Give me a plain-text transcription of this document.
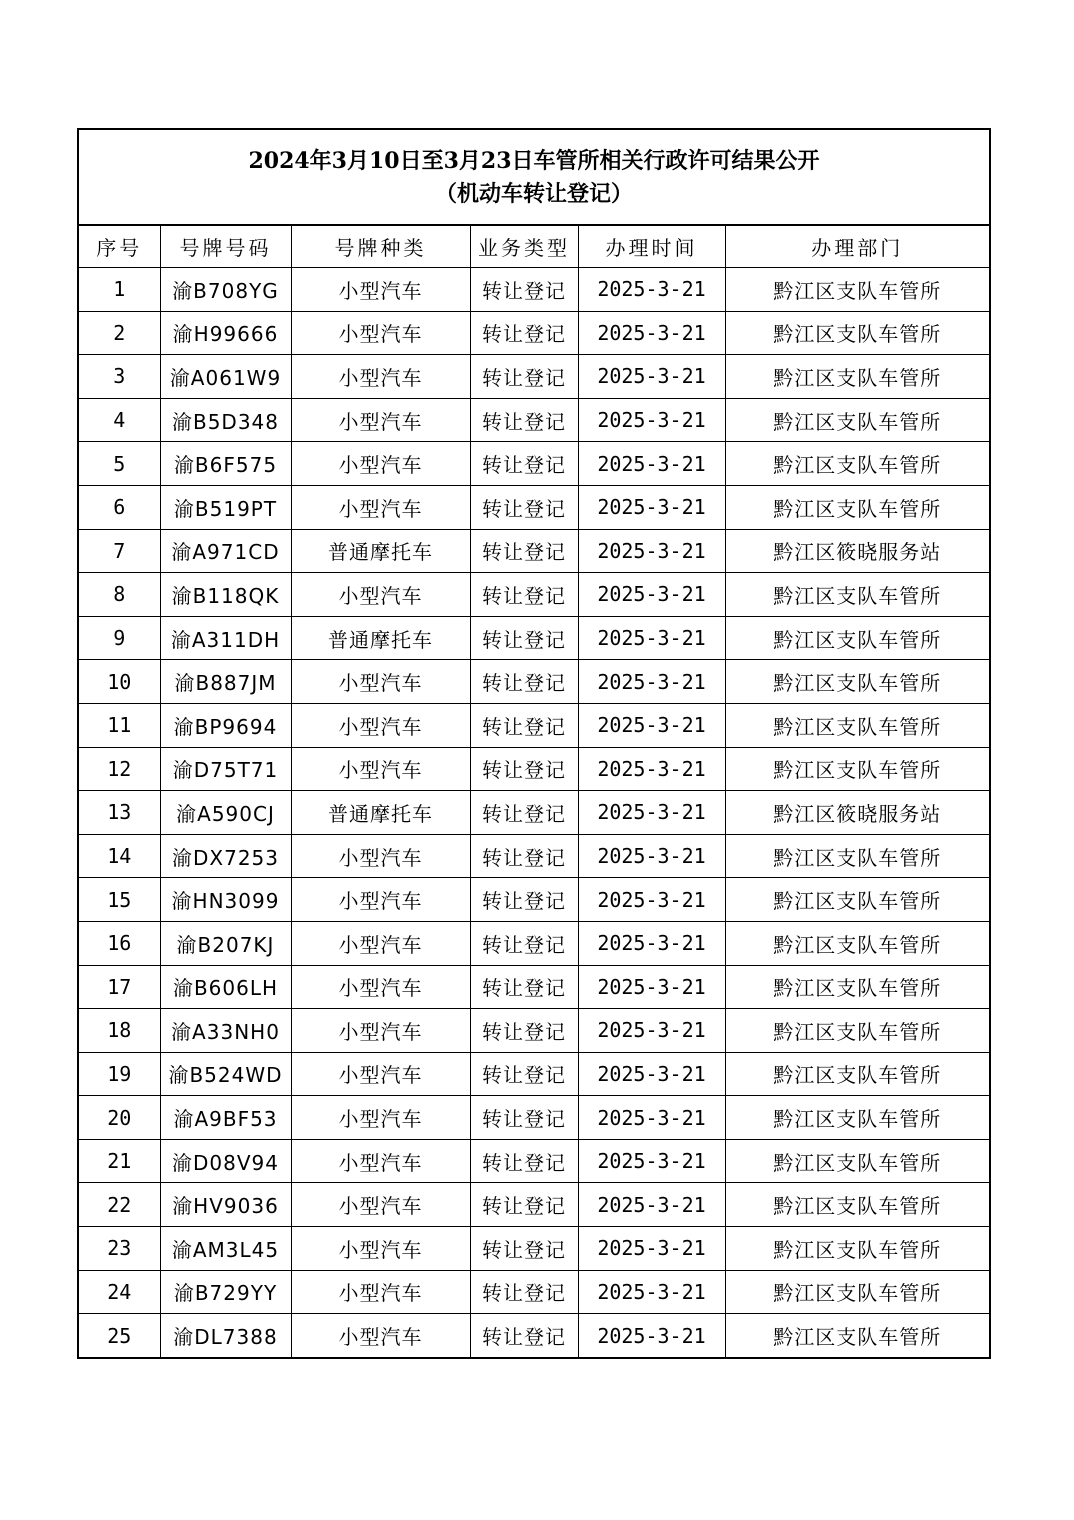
2024年3月10日至3月23日车管所相关行政许可结果公开
（机动车转让登记）
序号	号牌号码	号牌种类	业务类型	办理时间	办理部门
1	渝B708YG	小型汽车	转让登记	2025-3-21	黔江区支队车管所
2	渝H99666	小型汽车	转让登记	2025-3-21	黔江区支队车管所
3	渝A061W9	小型汽车	转让登记	2025-3-21	黔江区支队车管所
4	渝B5D348	小型汽车	转让登记	2025-3-21	黔江区支队车管所
5	渝B6F575	小型汽车	转让登记	2025-3-21	黔江区支队车管所
6	渝B519PT	小型汽车	转让登记	2025-3-21	黔江区支队车管所
7	渝A971CD	普通摩托车	转让登记	2025-3-21	黔江区筱晓服务站
8	渝B118QK	小型汽车	转让登记	2025-3-21	黔江区支队车管所
9	渝A311DH	普通摩托车	转让登记	2025-3-21	黔江区支队车管所
10	渝B887JM	小型汽车	转让登记	2025-3-21	黔江区支队车管所
11	渝BP9694	小型汽车	转让登记	2025-3-21	黔江区支队车管所
12	渝D75T71	小型汽车	转让登记	2025-3-21	黔江区支队车管所
13	渝A590CJ	普通摩托车	转让登记	2025-3-21	黔江区筱晓服务站
14	渝DX7253	小型汽车	转让登记	2025-3-21	黔江区支队车管所
15	渝HN3099	小型汽车	转让登记	2025-3-21	黔江区支队车管所
16	渝B207KJ	小型汽车	转让登记	2025-3-21	黔江区支队车管所
17	渝B606LH	小型汽车	转让登记	2025-3-21	黔江区支队车管所
18	渝A33NH0	小型汽车	转让登记	2025-3-21	黔江区支队车管所
19	渝B524WD	小型汽车	转让登记	2025-3-21	黔江区支队车管所
20	渝A9BF53	小型汽车	转让登记	2025-3-21	黔江区支队车管所
21	渝D08V94	小型汽车	转让登记	2025-3-21	黔江区支队车管所
22	渝HV9036	小型汽车	转让登记	2025-3-21	黔江区支队车管所
23	渝AM3L45	小型汽车	转让登记	2025-3-21	黔江区支队车管所
24	渝B729YY	小型汽车	转让登记	2025-3-21	黔江区支队车管所
25	渝DL7388	小型汽车	转让登记	2025-3-21	黔江区支队车管所
